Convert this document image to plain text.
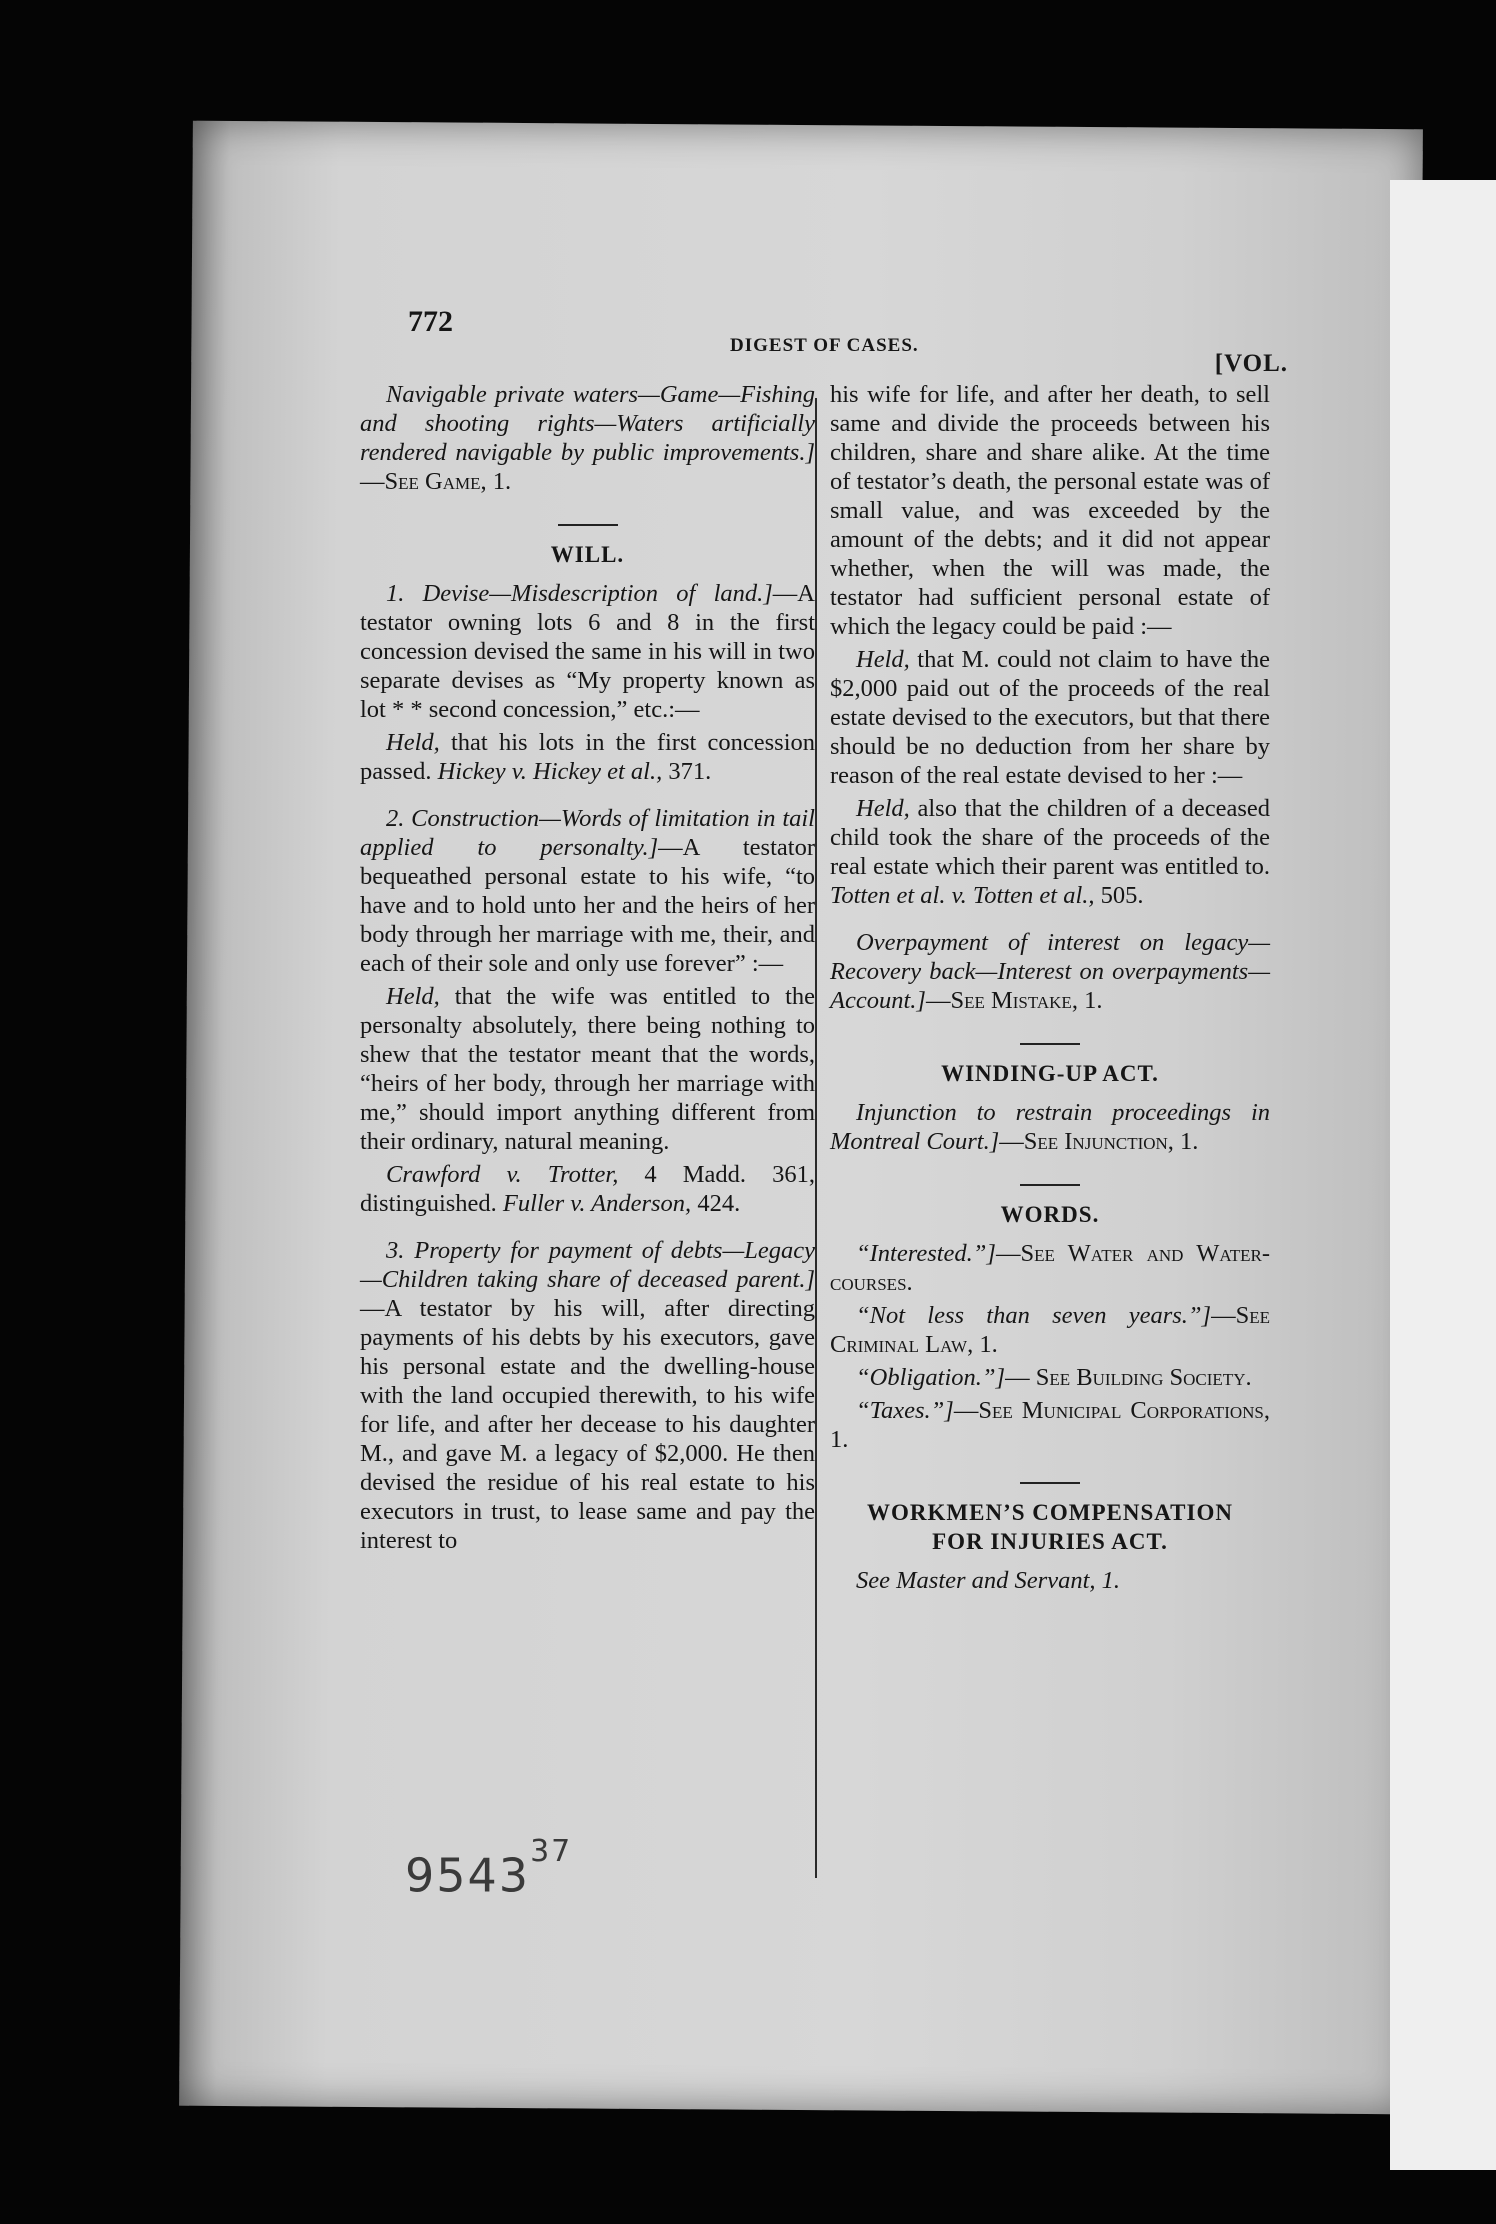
772
DIGEST OF CASES.
[VOL.

Navigable private waters—Game—Fishing and shooting rights—Waters artificially rendered navigable by public improvements.]—See Game, 1.

WILL.

1. Devise—Misdescription of land.]—A testator owning lots 6 and 8 in the first concession devised the same in his will in two separate devises as “My property known as lot * * second concession,” etc.:—

Held, that his lots in the first concession passed. Hickey v. Hickey et al., 371.

2. Construction—Words of limitation in tail applied to personalty.]—A testator bequeathed personal estate to his wife, “to have and to hold unto her and the heirs of her body through her marriage with me, their, and each of their sole and only use forever” :—

Held, that the wife was entitled to the personalty absolutely, there being nothing to shew that the testator meant that the words, “heirs of her body, through her marriage with me,” should import anything different from their ordinary, natural meaning.

Crawford v. Trotter, 4 Madd. 361, distinguished. Fuller v. Anderson, 424.

3. Property for payment of debts—Legacy—Children taking share of deceased parent.]—A testator by his will, after directing payments of his debts by his executors, gave his personal estate and the dwelling-house with the land occupied therewith, to his wife for life, and after her decease to his daughter M., and gave M. a legacy of $2,000. He then devised the residue of his real estate to his executors in trust, to lease same and pay the interest to

his wife for life, and after her death, to sell same and divide the proceeds between his children, share and share alike. At the time of testator’s death, the personal estate was of small value, and was exceeded by the amount of the debts; and it did not appear whether, when the will was made, the testator had sufficient personal estate of which the legacy could be paid :—

Held, that M. could not claim to have the $2,000 paid out of the proceeds of the real estate devised to the executors, but that there should be no deduction from her share by reason of the real estate devised to her :—

Held, also that the children of a deceased child took the share of the proceeds of the real estate which their parent was entitled to. Totten et al. v. Totten et al., 505.

Overpayment of interest on legacy—Recovery back—Interest on overpayments—Account.]—See Mistake, 1.

WINDING-UP ACT.

Injunction to restrain proceedings in Montreal Court.]—See Injunction, 1.

WORDS.

“Interested.”]—See Water and Water-courses.

“Not less than seven years.”]—See Criminal Law, 1.

“Obligation.”]— See Building Society.

“Taxes.”]—See Municipal Corporations, 1.

WORKMEN’S COMPENSATION

FOR INJURIES ACT.

See Master and Servant, 1.

9543$^{37}$
